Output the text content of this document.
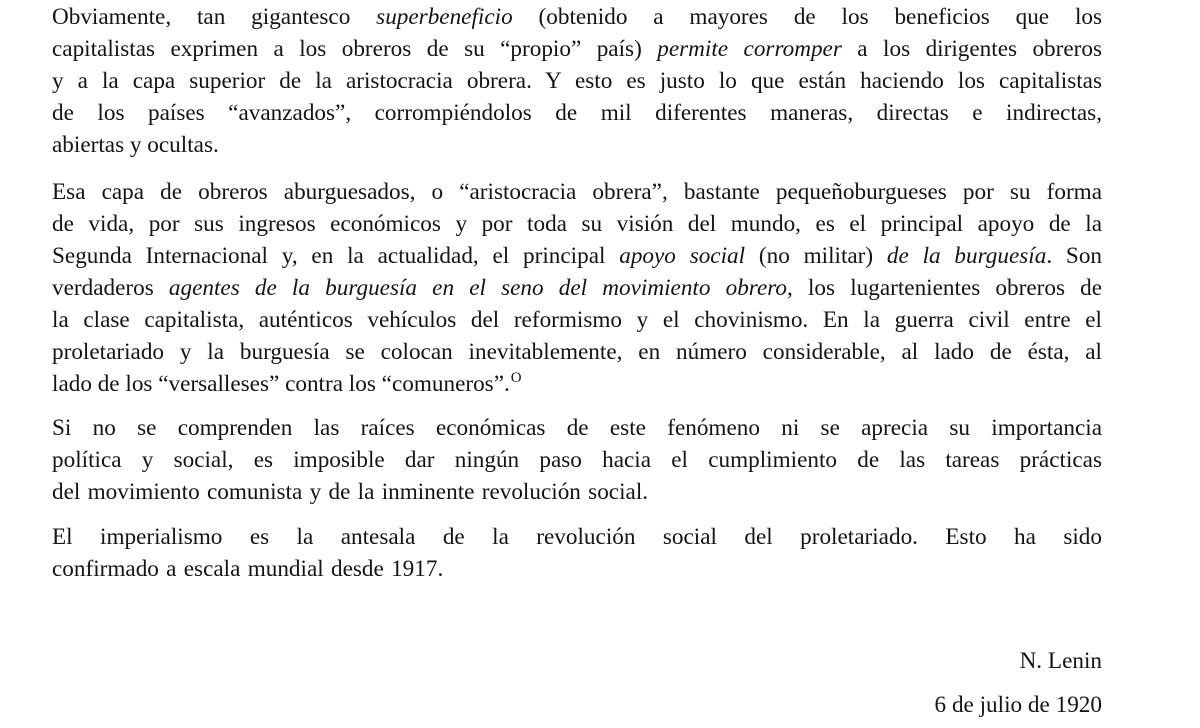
Obviamente, tan gigantesco superbeneficio (obtenido a mayores de los beneficios que los
capitalistas exprimen a los obreros de su “propio” país) permite corromper a los dirigentes obreros
y a la capa superior de la aristocracia obrera. Y esto es justo lo que están haciendo los capitalistas
de los países “avanzados”, corrompiéndolos de mil diferentes maneras, directas e indirectas,
abiertas y ocultas.
Esa capa de obreros aburguesados, o “aristocracia obrera”, bastante pequeñoburgueses por su forma
de vida, por sus ingresos económicos y por toda su visión del mundo, es el principal apoyo de la
Segunda Internacional y, en la actualidad, el principal apoyo social (no militar) de la burguesía. Son
verdaderos agentes de la burguesía en el seno del movimiento obrero, los lugartenientes obreros de
la clase capitalista, auténticos vehículos del reformismo y el chovinismo. En la guerra civil entre el
proletariado y la burguesía se colocan inevitablemente, en número considerable, al lado de ésta, al
lado de los “versalleses” contra los “comuneros”.$^O$
Si no se comprenden las raíces económicas de este fenómeno ni se aprecia su importancia
política y social, es imposible dar ningún paso hacia el cumplimiento de las tareas prácticas
del movimiento comunista y de la inminente revolución social.
El imperialismo es la antesala de la revolución social del proletariado. Esto ha sido
confirmado a escala mundial desde 1917.
N. Lenin
6 de julio de 1920
